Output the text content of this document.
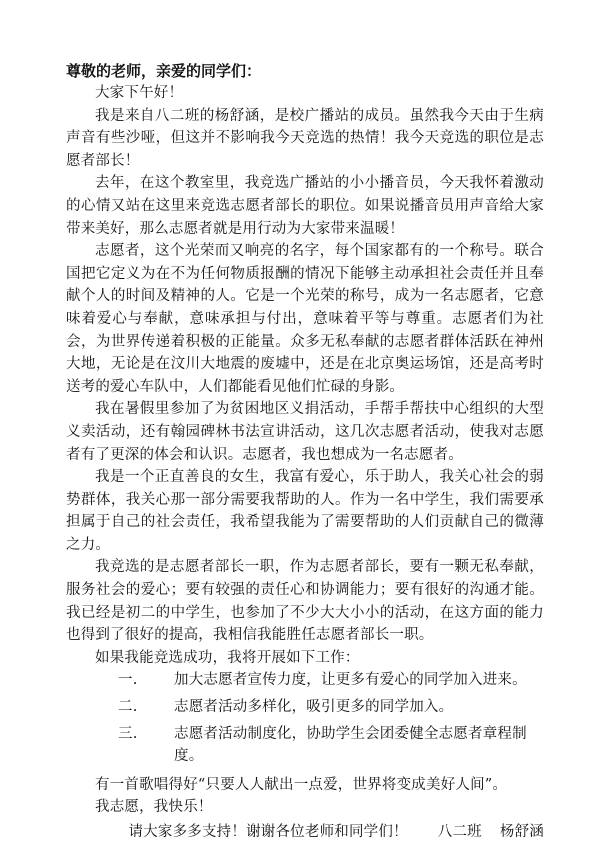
尊敬的老师，亲爱的同学们：

大家下午好！

我是来自八二班的杨舒涵，是校广播站的成员。虽然我今天由于生病声音有些沙哑，但这并不影响我今天竞选的热情！我今天竞选的职位是志愿者部长！

去年，在这个教室里，我竞选广播站的小小播音员，今天我怀着激动的心情又站在这里来竞选志愿者部长的职位。如果说播音员用声音给大家带来美好，那么志愿者就是用行动为大家带来温暖！

志愿者，这个光荣而又响亮的名字，每个国家都有的一个称号。联合国把它定义为在不为任何物质报酬的情况下能够主动承担社会责任并且奉献个人的时间及精神的人。它是一个光荣的称号，成为一名志愿者，它意味着爱心与奉献，意味承担与付出，意味着平等与尊重。志愿者们为社会，为世界传递着积极的正能量。众多无私奉献的志愿者群体活跃在神州大地，无论是在汶川大地震的废墟中，还是在北京奥运场馆，还是高考时送考的爱心车队中，人们都能看见他们忙碌的身影。

我在暑假里参加了为贫困地区义捐活动，手帮手帮扶中心组织的大型义卖活动，还有翰园碑林书法宣讲活动，这几次志愿者活动，使我对志愿者有了更深的体会和认识。志愿者，我也想成为一名志愿者。

我是一个正直善良的女生，我富有爱心，乐于助人，我关心社会的弱势群体，我关心那一部分需要我帮助的人。作为一名中学生，我们需要承担属于自己的社会责任，我希望我能为了需要帮助的人们贡献自己的微薄之力。

我竞选的是志愿者部长一职，作为志愿者部长，要有一颗无私奉献，服务社会的爱心；要有较强的责任心和协调能力；要有很好的沟通才能。我已经是初二的中学生，也参加了不少大大小小的活动，在这方面的能力也得到了很好的提高，我相信我能胜任志愿者部长一职。

如果我能竞选成功，我将开展如下工作：

一.	加大志愿者宣传力度，让更多有爱心的同学加入进来。
二.	志愿者活动多样化，吸引更多的同学加入。
三.	志愿者活动制度化，协助学生会团委健全志愿者章程制度。

有一首歌唱得好“只要人人献出一点爱，世界将变成美好人间”。

我志愿，我快乐！

请大家多多支持！谢谢各位老师和同学们！ 八二班 杨舒涵
